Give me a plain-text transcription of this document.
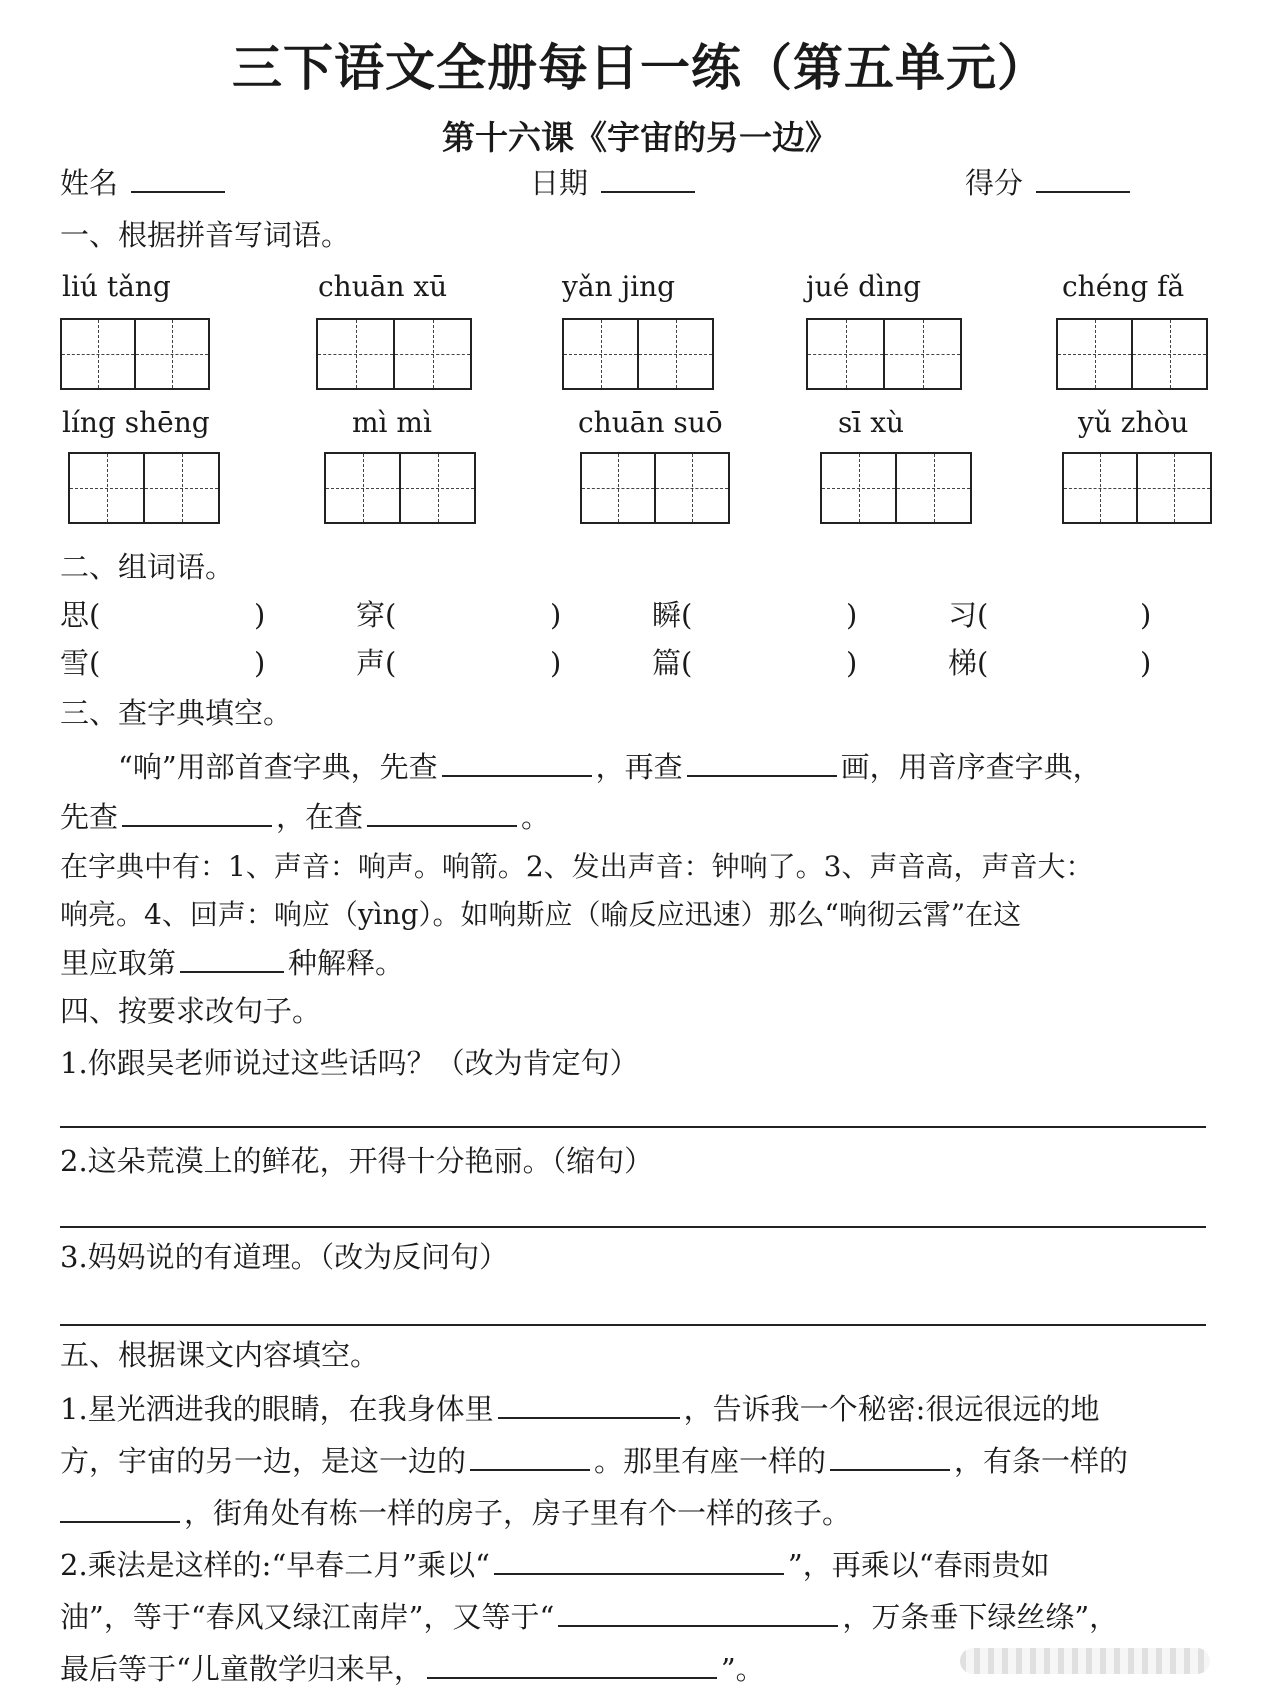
三下语文全册每日一练（第五单元）
第十六课《宇宙的另一边》
姓名	日期	得分
一、根据拼音写词语。
liú tǎng	chuān xū	yǎn jing	jué dìng	chéng fǎ
líng shēng	mì mì	chuān suō	sī xù	yǔ zhòu
二、组词语。
思(	)	穿(	)	瞬(	)	习(	)
雪(	)	声(	)	篇(	)	梯(	)
三、查字典填空。
“响”用部首查字典，先查	，再查	画，用音序查字典，
先查	，在查	。
在字典中有：1、声音：响声。响箭。2、发出声音：钟响了。3、声音高，声音大：
响亮。4、回声：响应（yìng）。如响斯应（喻反应迅速）那么“响彻云霄”在这
里应取第	种解释。
四、按要求改句子。
1.你跟吴老师说过这些话吗？（改为肯定句）
2.这朵荒漠上的鲜花，开得十分艳丽。（缩句）
3.妈妈说的有道理。（改为反问句）
五、根据课文内容填空。
1.星光洒进我的眼睛，在我身体里	，告诉我一个秘密:很远很远的地
方，宇宙的另一边，是这一边的	。那里有座一样的	，有条一样的
，街角处有栋一样的房子，房子里有个一样的孩子。
2.乘法是这样的:“早春二月”乘以“	”，再乘以“春雨贵如
油”，等于“春风又绿江南岸”，又等于“	，万条垂下绿丝绦”，
最后等于“儿童散学归来早，	”。
